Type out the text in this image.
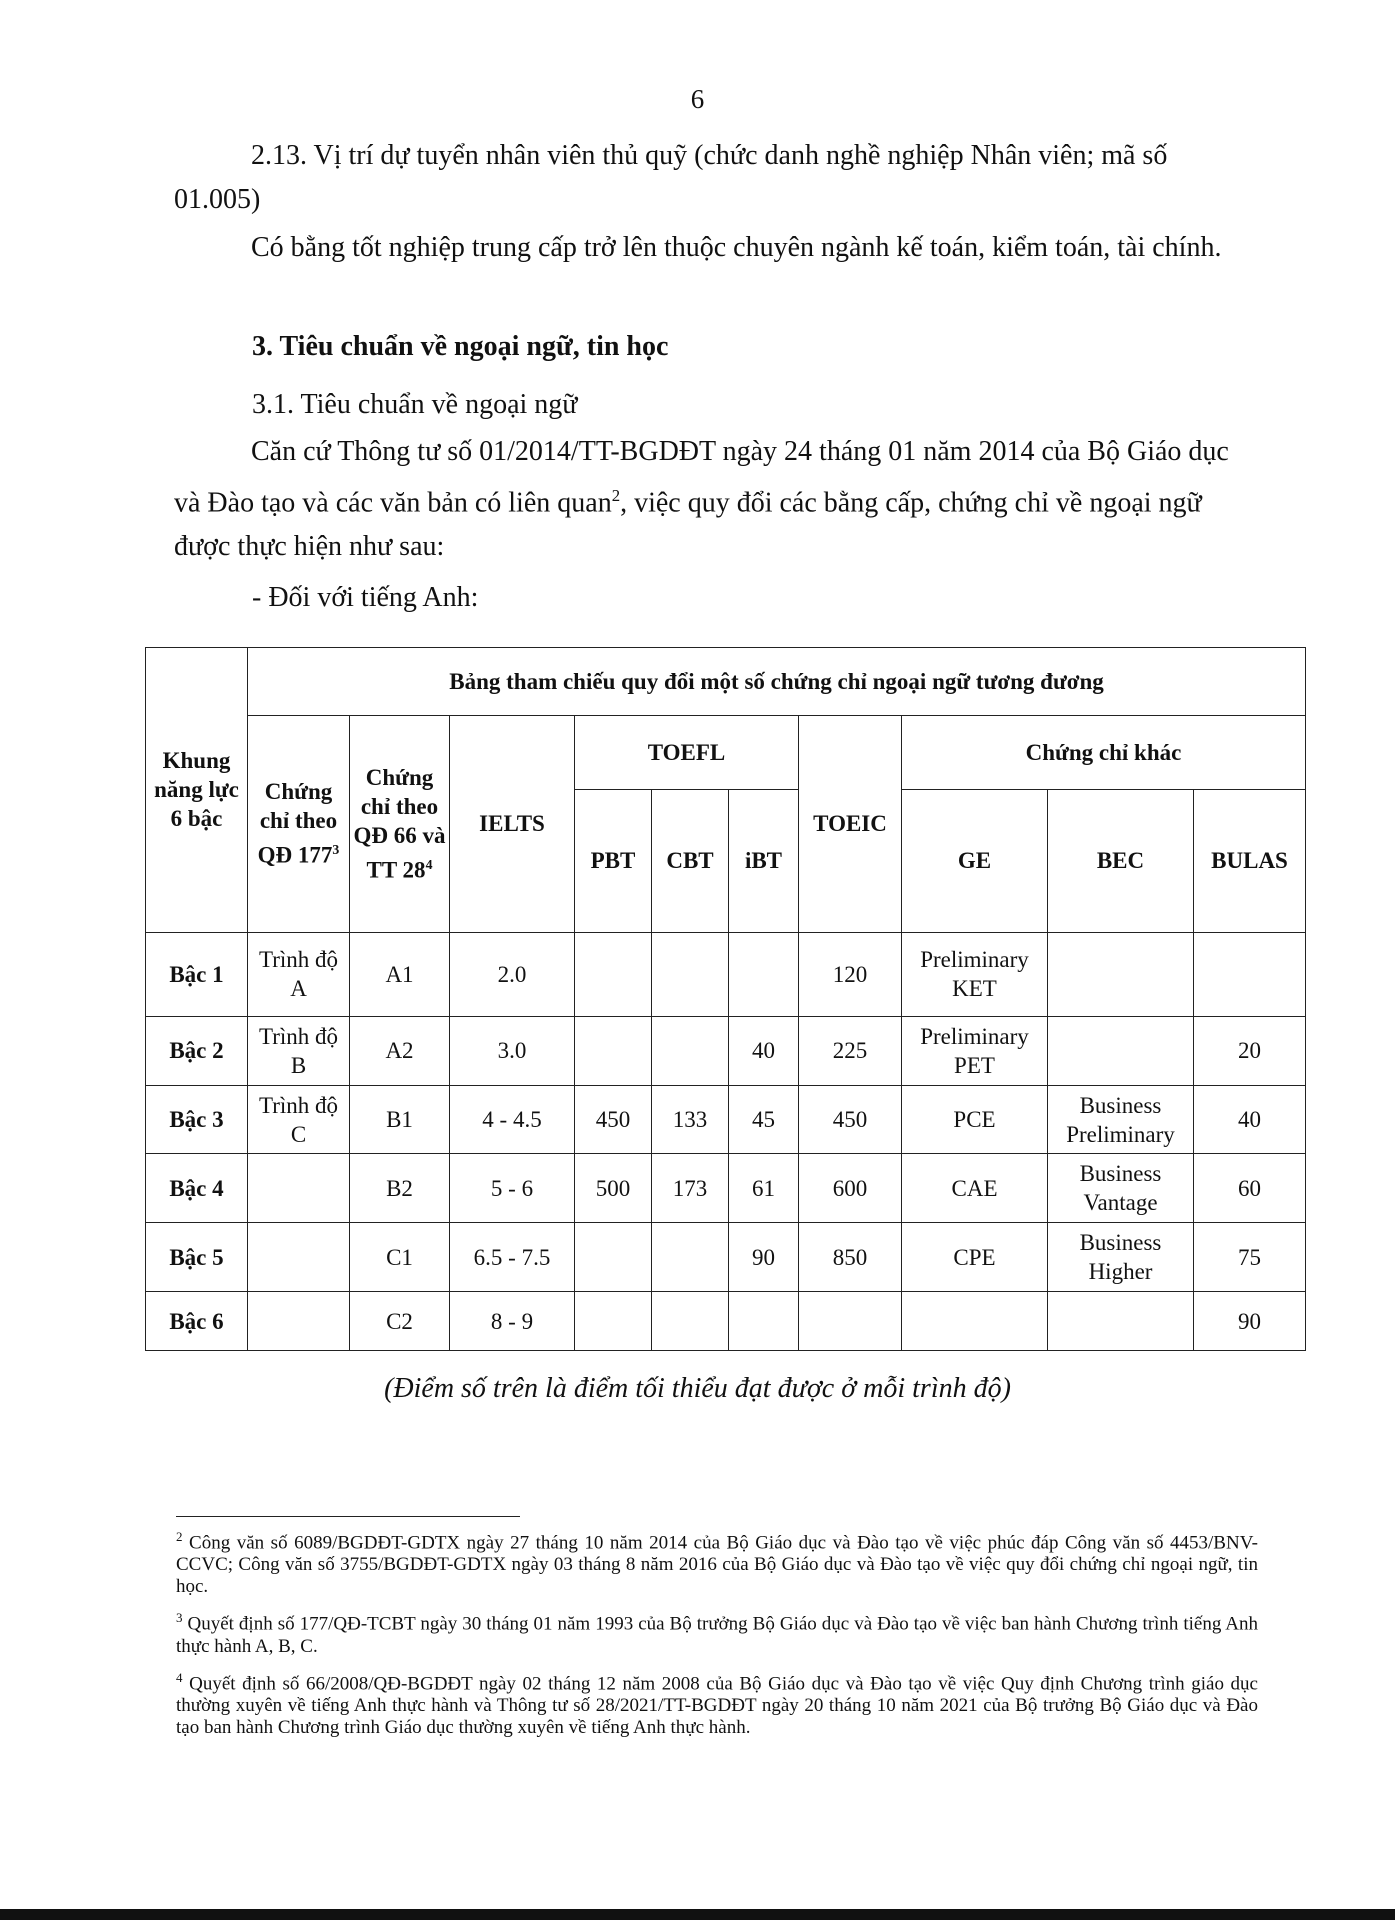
6

2.13. Vị trí dự tuyển nhân viên thủ quỹ (chức danh nghề nghiệp Nhân viên; mã số 01.005)

Có bằng tốt nghiệp trung cấp trở lên thuộc chuyên ngành kế toán, kiểm toán, tài chính.

3. Tiêu chuẩn về ngoại ngữ, tin học

3.1. Tiêu chuẩn về ngoại ngữ

Căn cứ Thông tư số 01/2014/TT-BGDĐT ngày 24 tháng 01 năm 2014 của Bộ Giáo dục và Đào tạo và các văn bản có liên quan$^2$, việc quy đổi các bằng cấp, chứng chỉ về ngoại ngữ được thực hiện như sau:

- Đối với tiếng Anh:

Khung năng lực 6 bậc	Bảng tham chiếu quy đổi một số chứng chỉ ngoại ngữ tương đương									
	Chứng chỉ theo QĐ $177^3$	Chứng chỉ theo QĐ 66 và TT $28^4$	IELTS	TOEFL			TOEIC	Chứng chỉ khác		
				PBT	CBT	iBT		GE	BEC	BULAS
Bậc 1	Trình độ A	A1	2.0				120	Preliminary KET		
Bậc 2	Trình độ B	A2	3.0			40	225	Preliminary PET		20
Bậc 3	Trình độ C	B1	4 - 4.5	450	133	45	450	PCE	Business Preliminary	40
Bậc 4		B2	5 - 6	500	173	61	600	CAE	Business Vantage	60
Bậc 5		C1	6.5 - 7.5			90	850	CPE	Business Higher	75
Bậc 6		C2	8 - 9							90
(Điểm số trên là điểm tối thiểu đạt được ở mỗi trình độ)

$^2$ Công văn số 6089/BGDĐT-GDTX ngày 27 tháng 10 năm 2014 của Bộ Giáo dục và Đào tạo về việc phúc đáp Công văn số 4453/BNV-CCVC; Công văn số 3755/BGDĐT-GDTX ngày 03 tháng 8 năm 2016 của Bộ Giáo dục và Đào tạo về việc quy đổi chứng chỉ ngoại ngữ, tin học.

$^3$ Quyết định số 177/QĐ-TCBT ngày 30 tháng 01 năm 1993 của Bộ trưởng Bộ Giáo dục và Đào tạo về việc ban hành Chương trình tiếng Anh thực hành A, B, C.

$^4$ Quyết định số 66/2008/QĐ-BGDĐT ngày 02 tháng 12 năm 2008 của Bộ Giáo dục và Đào tạo về việc Quy định Chương trình giáo dục thường xuyên về tiếng Anh thực hành và Thông tư số 28/2021/TT-BGDĐT ngày 20 tháng 10 năm 2021 của Bộ trưởng Bộ Giáo dục và Đào tạo ban hành Chương trình Giáo dục thường xuyên về tiếng Anh thực hành.
